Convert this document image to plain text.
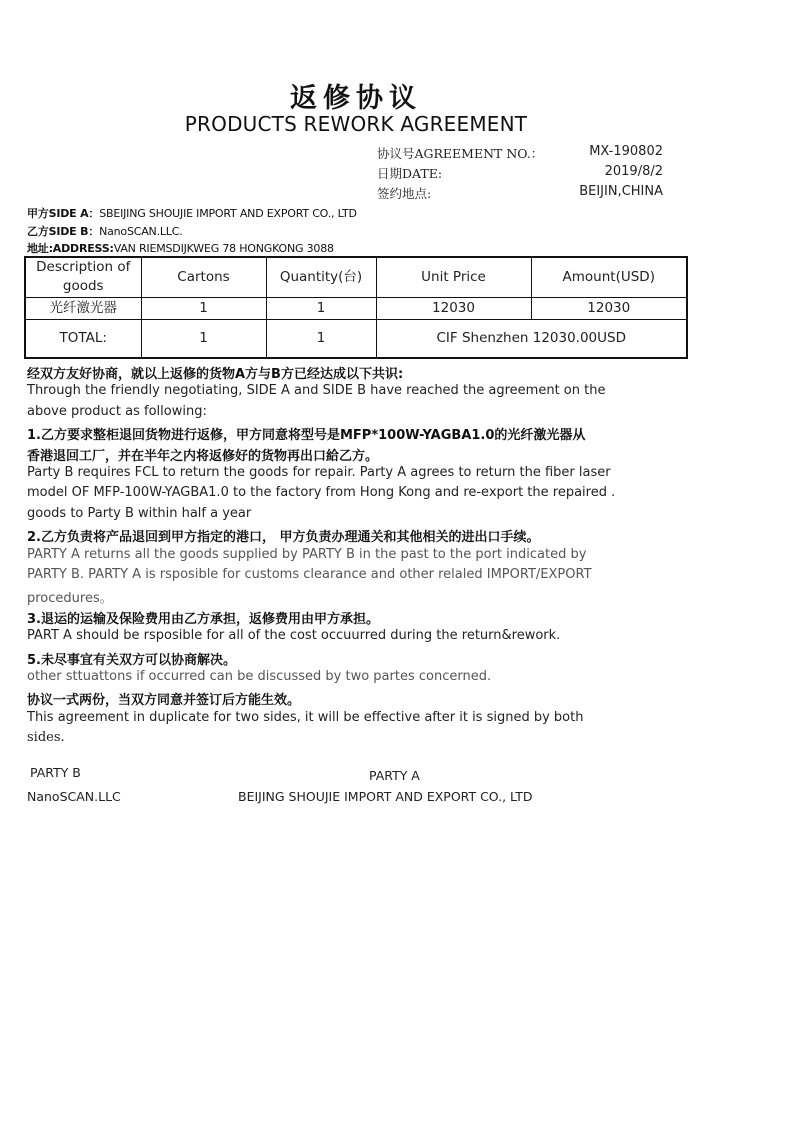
返修协议
PRODUCTS REWORK AGREEMENT
协议号AGREEMENT NO.：	MX-190802
日期DATE:	2019/8/2
签约地点:	BEIJIN,CHINA
甲方SIDE A：SBEIJING SHOUJIE IMPORT AND EXPORT CO., LTD
乙方SIDE B：NanoSCAN.LLC.
地址:ADDRESS:VAN RIEMSDIJKWEG 78 HONGKONG 3088
Description of goods	Cartons	Quantity(台)	Unit Price	Amount(USD)
光纤激光器	1	1	12030	12030
TOTAL:	1	1	CIF Shenzhen 12030.00USD	
经双方友好协商，就以上返修的货物A方与B方已经达成以下共识:
Through the friendly negotiating, SIDE A and SIDE B have reached the agreement on the
above product as following:
1.乙方要求整柜退回货物进行返修，甲方同意将型号是MFP*100W-YAGBA1.0的光纤激光器从
香港退回工厂，并在半年之内将返修好的货物再出口給乙方。
Party B requires FCL to return the goods for repair. Party A agrees to return the fiber laser
model OF MFP-100W-YAGBA1.0 to the factory from Hong Kong and re-export the repaired .
goods to Party B within half a year
2.乙方负责将产品退回到甲方指定的港口， 甲方负责办理通关和其他相关的进出口手续。
PARTY A returns all the goods supplied by PARTY B in the past to the port indicated by
PARTY B. PARTY A is rsposible for customs clearance and other relaled IMPORT/EXPORT
procedures。
3.退运的运输及保险费用由乙方承担，返修费用由甲方承担。
PART A should be rsposible for all of the cost occuurred during the return&rework.
5.未尽事宜有关双方可以协商解决。
other sttuattons if occurred can be discussed by two partes concerned.
协议一式两份，当双方同意并签订后方能生效。
This agreement in duplicate for two sides, it will be effective after it is signed by both
sides.
PARTY B
NanoSCAN.LLC
PARTY A
BEIJING SHOUJIE IMPORT AND EXPORT CO., LTD
